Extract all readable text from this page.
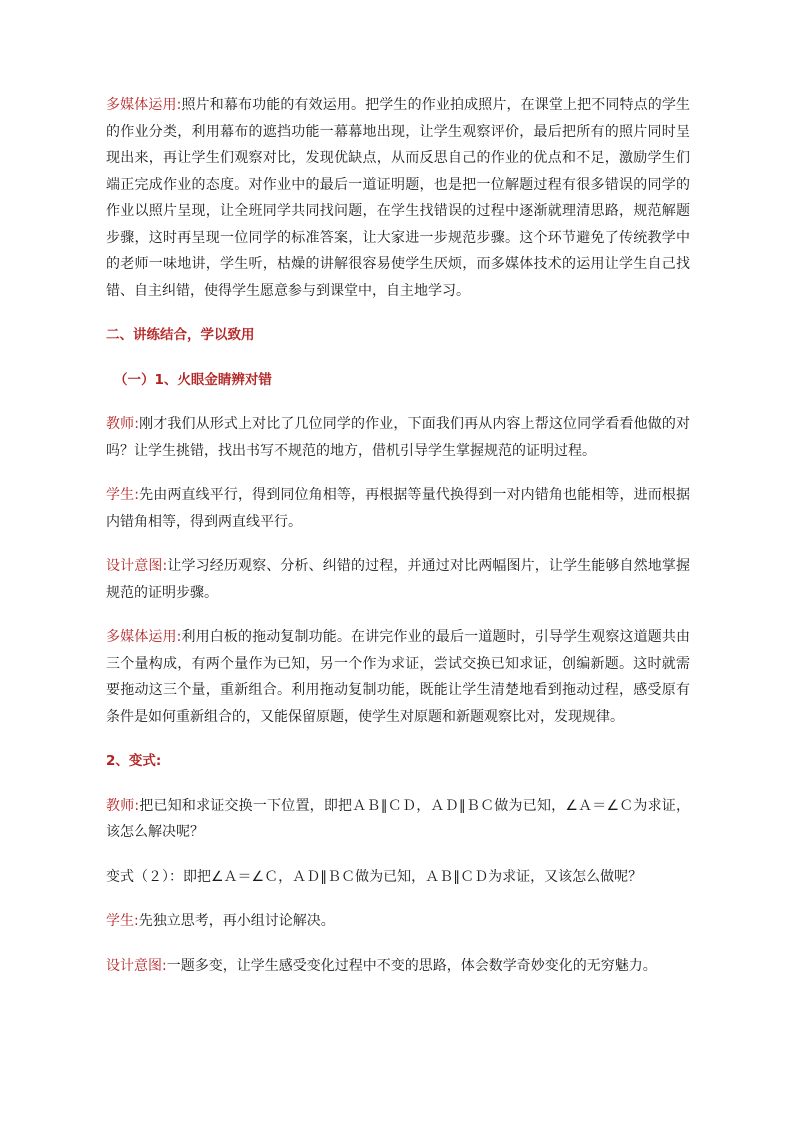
多媒体运用:照片和幕布功能的有效运用。把学生的作业拍成照片，在课堂上把不同特点的学生的作业分类，利用幕布的遮挡功能一幕幕地出现，让学生观察评价，最后把所有的照片同时呈现出来，再让学生们观察对比，发现优缺点，从而反思自己的作业的优点和不足，激励学生们端正完成作业的态度。对作业中的最后一道证明题，也是把一位解题过程有很多错误的同学的作业以照片呈现，让全班同学共同找问题，在学生找错误的过程中逐渐就理清思路，规范解题步骤，这时再呈现一位同学的标准答案，让大家进一步规范步骤。这个环节避免了传统教学中的老师一味地讲，学生听，枯燥的讲解很容易使学生厌烦，而多媒体技术的运用让学生自己找错、自主纠错，使得学生愿意参与到课堂中，自主地学习。

二、讲练结合，学以致用

（一）1、火眼金睛辨对错

教师:刚才我们从形式上对比了几位同学的作业，下面我们再从内容上帮这位同学看看他做的对吗？让学生挑错，找出书写不规范的地方，借机引导学生掌握规范的证明过程。

学生:先由两直线平行，得到同位角相等，再根据等量代换得到一对内错角也能相等，进而根据内错角相等，得到两直线平行。

设计意图:让学习经历观察、分析、纠错的过程，并通过对比两幅图片，让学生能够自然地掌握规范的证明步骤。

多媒体运用:利用白板的拖动复制功能。在讲完作业的最后一道题时，引导学生观察这道题共由三个量构成，有两个量作为已知，另一个作为求证，尝试交换已知求证，创编新题。这时就需要拖动这三个量，重新组合。利用拖动复制功能，既能让学生清楚地看到拖动过程，感受原有条件是如何重新组合的，又能保留原题，使学生对原题和新题观察比对，发现规律。

2、变式:

教师:把已知和求证交换一下位置，即把ＡＢ∥ＣＤ，ＡＤ∥ＢＣ做为已知，∠Ａ＝∠Ｃ为求证，该怎么解决呢？

变式（２）：即把∠Ａ＝∠Ｃ，ＡＤ∥ＢＣ做为已知，ＡＢ∥ＣＤ为求证，又该怎么做呢？

学生:先独立思考，再小组讨论解决。

设计意图:一题多变，让学生感受变化过程中不变的思路，体会数学奇妙变化的无穷魅力。
